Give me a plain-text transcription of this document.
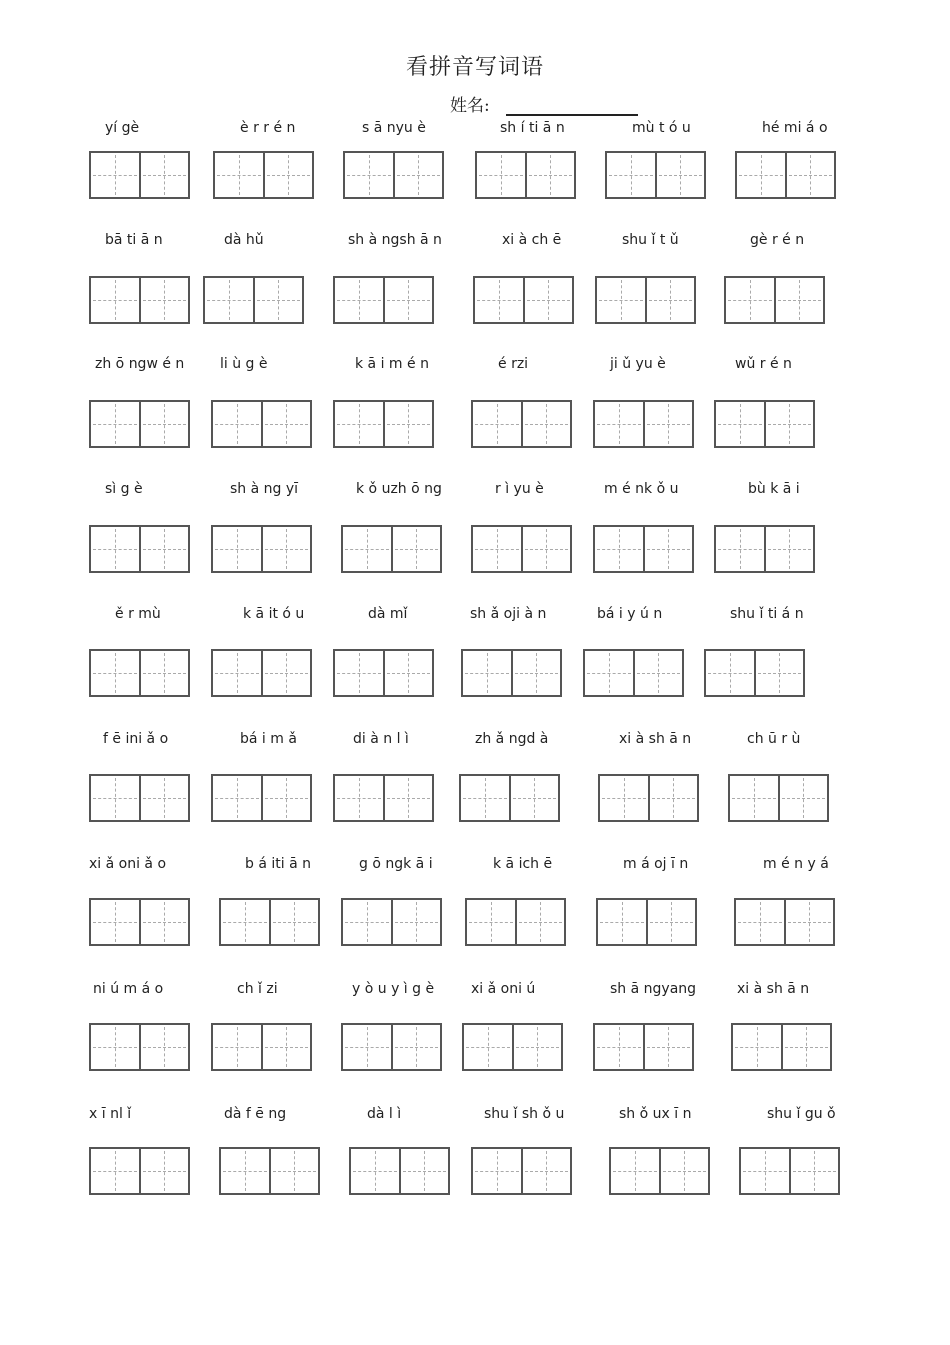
看拼音写词语
姓名:
yí gè	è r r é n	s ā nyu è	sh í ti ā n	mù t ó u	hé mi á o
bā ti ā n	dà hǔ	sh à ngsh ā n	xi à ch ē	shu ǐ t ǔ	gè r é n
zh ō ngw é n	li ù g è	k ā i m é n	é rzi	ji ǔ yu è	wǔ r é n
sì g è	sh à ng yī	k ǒ uzh ō ng	r ì yu è	m é nk ǒ u	bù k ā i
ě r mù	k ā it ó u	dà mǐ	sh ǎ oji à n	bá i y ú n	shu ǐ ti á n
f ē ini ǎ o	bá i m ǎ	di à n l ì	zh ǎ ngd à	xi à sh ā n	ch ū r ù
xi ǎ oni ǎ o	b á iti ā n	g ō ngk ā i	k ā ich ē	m á oj ī n	m é n y á
ni ú m á o	ch ǐ zi	y ò u y ì g è	xi ǎ oni ú	sh ā ngyang	xi à sh ā n
x ī nl ǐ	dà f ē ng	dà l ì	shu ǐ sh ǒ u	sh ǒ ux ī n	shu ǐ gu ǒ
